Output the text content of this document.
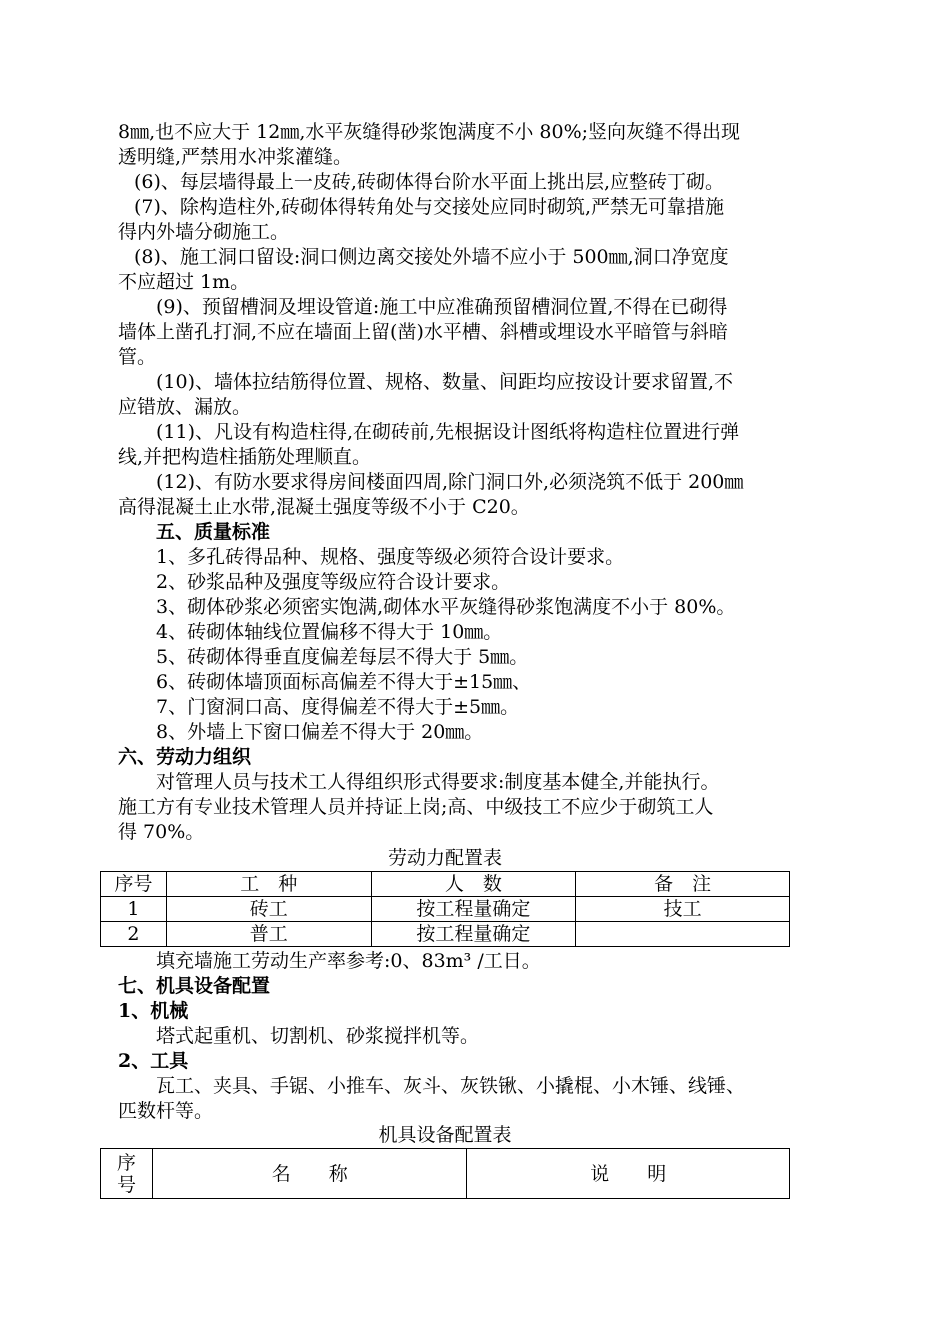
8㎜,也不应大于 12㎜,水平灰缝得砂浆饱满度不小 80%;竖向灰缝不得出现
透明缝,严禁用水冲浆灌缝。
(6)、每层墙得最上一皮砖,砖砌体得台阶水平面上挑出层,应整砖丁砌。
(7)、除构造柱外,砖砌体得转角处与交接处应同时砌筑,严禁无可靠措施
得内外墙分砌施工。
(8)、施工洞口留设:洞口侧边离交接处外墙不应小于 500㎜,洞口净宽度
不应超过 1m。
(9)、预留槽洞及埋设管道:施工中应准确预留槽洞位置,不得在已砌得
墙体上凿孔打洞,不应在墙面上留(凿)水平槽、斜槽或埋设水平暗管与斜暗
管。
(10)、墙体拉结筋得位置、规格、数量、间距均应按设计要求留置,不
应错放、漏放。
(11)、凡设有构造柱得,在砌砖前,先根据设计图纸将构造柱位置进行弹
线,并把构造柱插筋处理顺直。
(12)、有防水要求得房间楼面四周,除门洞口外,必须浇筑不低于 200㎜
高得混凝土止水带,混凝土强度等级不小于 C20。
五、质量标准
1、多孔砖得品种、规格、强度等级必须符合设计要求。
2、砂浆品种及强度等级应符合设计要求。
3、砌体砂浆必须密实饱满,砌体水平灰缝得砂浆饱满度不小于 80%。
4、砖砌体轴线位置偏移不得大于 10㎜。
5、砖砌体得垂直度偏差每层不得大于 5㎜。
6、砖砌体墙顶面标高偏差不得大于±15㎜、
7、门窗洞口高、度得偏差不得大于±5㎜。
8、外墙上下窗口偏差不得大于 20㎜。
六、劳动力组织
对管理人员与技术工人得组织形式得要求:制度基本健全,并能执行。
施工方有专业技术管理人员并持证上岗;高、中级技工不应少于砌筑工人
得 70%。
劳动力配置表
序号	工　种	人　数	备　注
1	砖工	按工程量确定	技工
2	普工	按工程量确定	
填充墙施工劳动生产率参考:0、83m³ /工日。
七、机具设备配置
1、机械
塔式起重机、切割机、砂浆搅拌机等。
2、工具
瓦工、夹具、手锯、小推车、灰斗、灰铁锹、小撬棍、小木锤、线锤、
匹数杆等。
机具设备配置表
序
号	名　　称	说　　明
